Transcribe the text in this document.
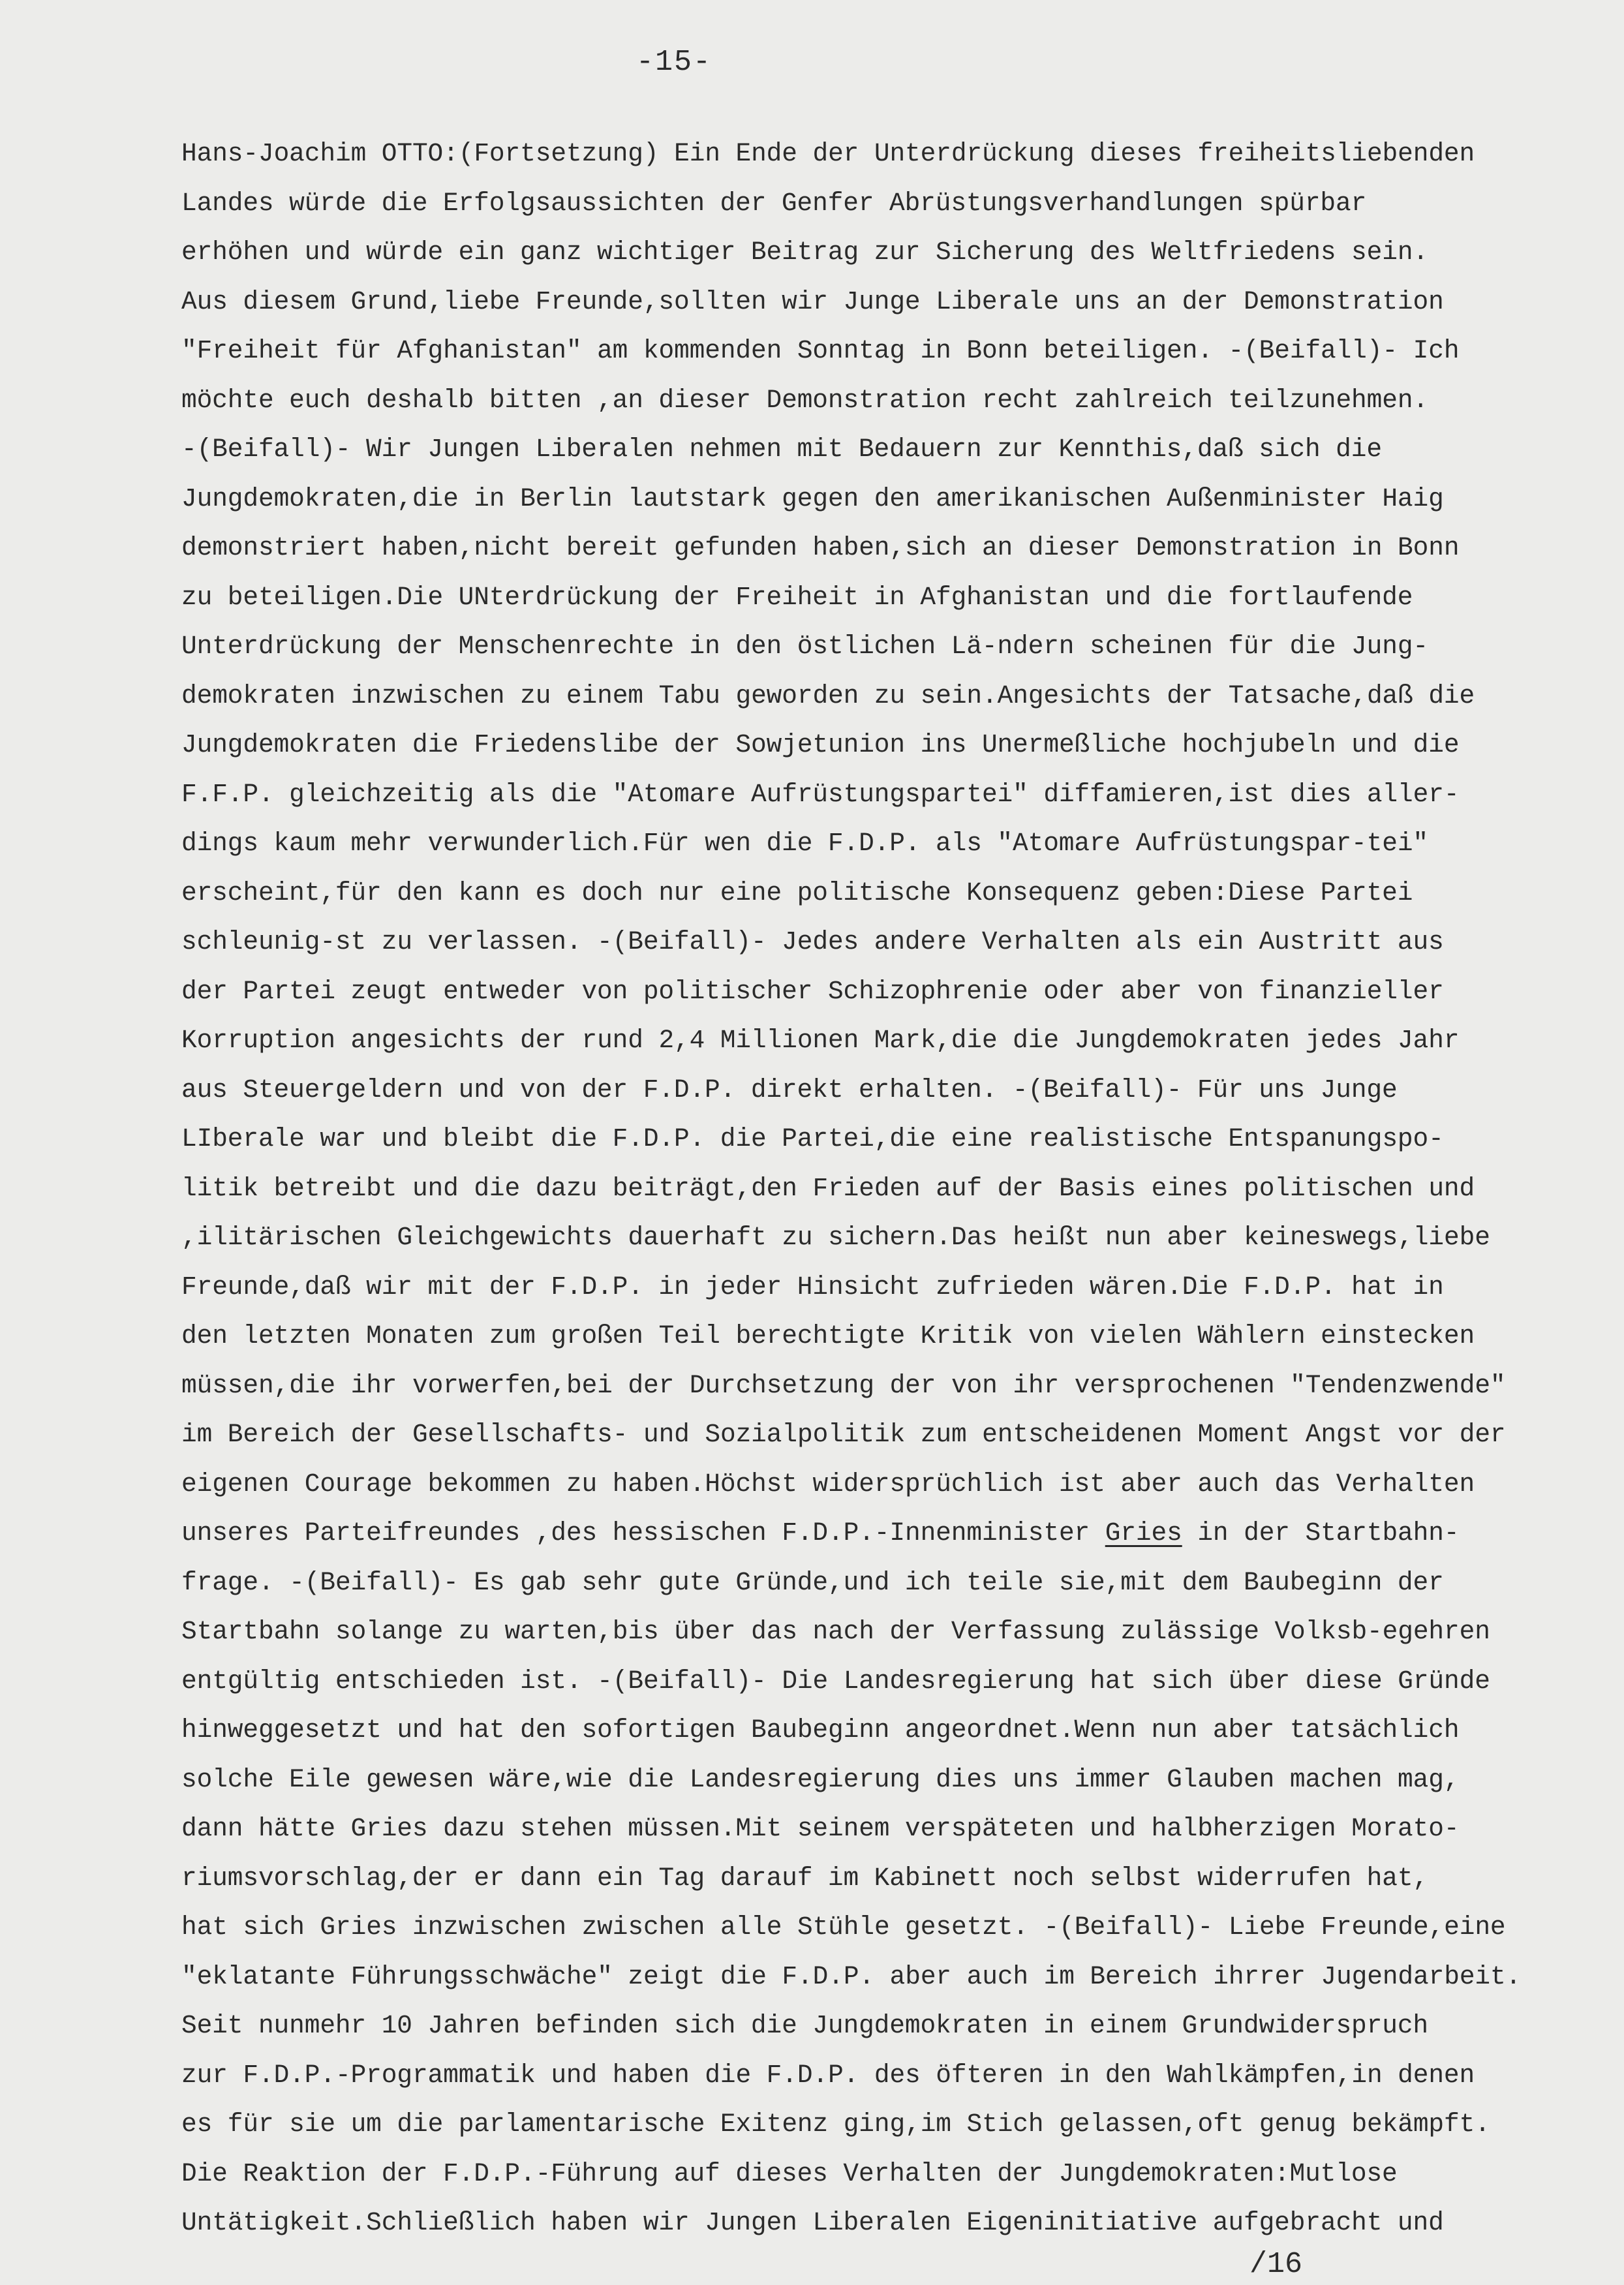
-15-
Hans-Joachim OTTO:(Fortsetzung) Ein Ende der Unterdrückung dieses freiheitsliebenden
Landes würde die Erfolgsaussichten der Genfer Abrüstungsverhandlungen spürbar
erhöhen und würde ein ganz wichtiger Beitrag zur Sicherung des Weltfriedens sein.
Aus diesem Grund,liebe Freunde,sollten wir Junge Liberale uns an der Demonstration
"Freiheit für Afghanistan" am kommenden Sonntag in Bonn beteiligen. -(Beifall)- Ich
möchte euch deshalb bitten ,an dieser Demonstration recht zahlreich teilzunehmen.
-(Beifall)- Wir Jungen Liberalen nehmen mit Bedauern zur Kennthis,daß sich die
Jungdemokraten,die in Berlin lautstark gegen den amerikanischen Außenminister Haig
demonstriert haben,nicht bereit gefunden haben,sich an dieser Demonstration in Bonn
zu beteiligen.Die UNterdrückung der Freiheit in Afghanistan und die fortlaufende
Unterdrückung der Menschenrechte in den östlichen Lä-ndern scheinen für die Jung-
demokraten inzwischen zu einem Tabu geworden zu sein.Angesichts der Tatsache,daß die
Jungdemokraten die Friedenslibe der Sowjetunion ins Unermeßliche hochjubeln und die
F.F.P. gleichzeitig als die "Atomare Aufrüstungspartei" diffamieren,ist dies aller-
dings kaum mehr verwunderlich.Für wen die F.D.P. als "Atomare Aufrüstungspar-tei"
erscheint,für den kann es doch nur eine politische Konsequenz geben:Diese Partei
schleunig-st zu verlassen. -(Beifall)- Jedes andere Verhalten als ein Austritt aus
der Partei zeugt entweder von politischer Schizophrenie oder aber von finanzieller
Korruption angesichts der rund 2,4 Millionen Mark,die die Jungdemokraten jedes Jahr
aus Steuergeldern und von der F.D.P. direkt erhalten. -(Beifall)- Für uns Junge
LIberale war und bleibt die F.D.P. die Partei,die eine realistische Entspanungspo-
litik betreibt und die dazu beiträgt,den Frieden auf der Basis eines politischen und
,ilitärischen Gleichgewichts dauerhaft zu sichern.Das heißt nun aber keineswegs,liebe
Freunde,daß wir mit der F.D.P. in jeder Hinsicht zufrieden wären.Die F.D.P. hat in
den letzten Monaten zum großen Teil berechtigte Kritik von vielen Wählern einstecken
müssen,die ihr vorwerfen,bei der Durchsetzung der von ihr versprochenen "Tendenzwende"
im Bereich der Gesellschafts- und Sozialpolitik zum entscheidenen Moment Angst vor der
eigenen Courage bekommen zu haben.Höchst widersprüchlich ist aber auch das Verhalten
unseres Parteifreundes ,des hessischen F.D.P.-Innenminister Gries in der Startbahn-
frage. -(Beifall)- Es gab sehr gute Gründe,und ich teile sie,mit dem Baubeginn der
Startbahn solange zu warten,bis über das nach der Verfassung zulässige Volksb-egehren
entgültig entschieden ist. -(Beifall)- Die Landesregierung hat sich über diese Gründe
hinweggesetzt und hat den sofortigen Baubeginn angeordnet.Wenn nun aber tatsächlich
solche Eile gewesen wäre,wie die Landesregierung dies uns immer Glauben machen mag,
dann hätte Gries dazu stehen müssen.Mit seinem verspäteten und halbherzigen Morato-
riumsvorschlag,der er dann ein Tag darauf im Kabinett noch selbst widerrufen hat,
hat sich Gries inzwischen zwischen alle Stühle gesetzt. -(Beifall)- Liebe Freunde,eine
"eklatante Führungsschwäche" zeigt die F.D.P. aber auch im Bereich ihrrer Jugendarbeit.
Seit nunmehr 10 Jahren befinden sich die Jungdemokraten in einem Grundwiderspruch
zur F.D.P.-Programmatik und haben die F.D.P. des öfteren in den Wahlkämpfen,in denen
es für sie um die parlamentarische Exitenz ging,im Stich gelassen,oft genug bekämpft.
Die Reaktion der F.D.P.-Führung auf dieses Verhalten der Jungdemokraten:Mutlose
Untätigkeit.Schließlich haben wir Jungen Liberalen Eigeninitiative aufgebracht und
/16
